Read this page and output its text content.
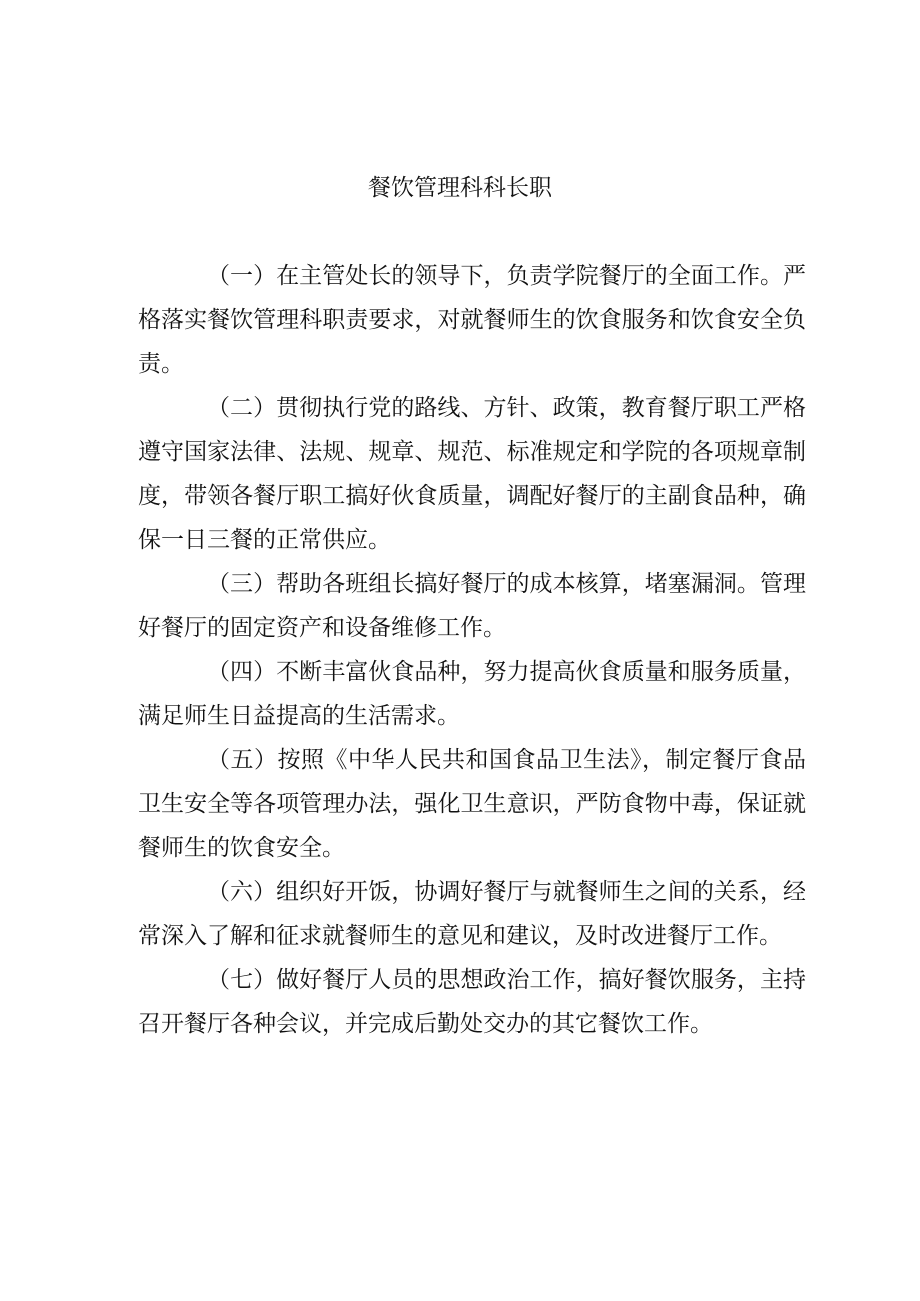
餐饮管理科科长职

（一）在主管处长的领导下，负责学院餐厅的全面工作。严格落实餐饮管理科职责要求，对就餐师生的饮食服务和饮食安全负责。

（二）贯彻执行党的路线、方针、政策，教育餐厅职工严格遵守国家法律、法规、规章、规范、标准规定和学院的各项规章制度，带领各餐厅职工搞好伙食质量，调配好餐厅的主副食品种，确保一日三餐的正常供应。

（三）帮助各班组长搞好餐厅的成本核算，堵塞漏洞。管理好餐厅的固定资产和设备维修工作。

（四）不断丰富伙食品种，努力提高伙食质量和服务质量，满足师生日益提高的生活需求。

（五）按照《中华人民共和国食品卫生法》，制定餐厅食品卫生安全等各项管理办法，强化卫生意识，严防食物中毒，保证就餐师生的饮食安全。

（六）组织好开饭，协调好餐厅与就餐师生之间的关系，经常深入了解和征求就餐师生的意见和建议，及时改进餐厅工作。

（七）做好餐厅人员的思想政治工作，搞好餐饮服务，主持召开餐厅各种会议，并完成后勤处交办的其它餐饮工作。
